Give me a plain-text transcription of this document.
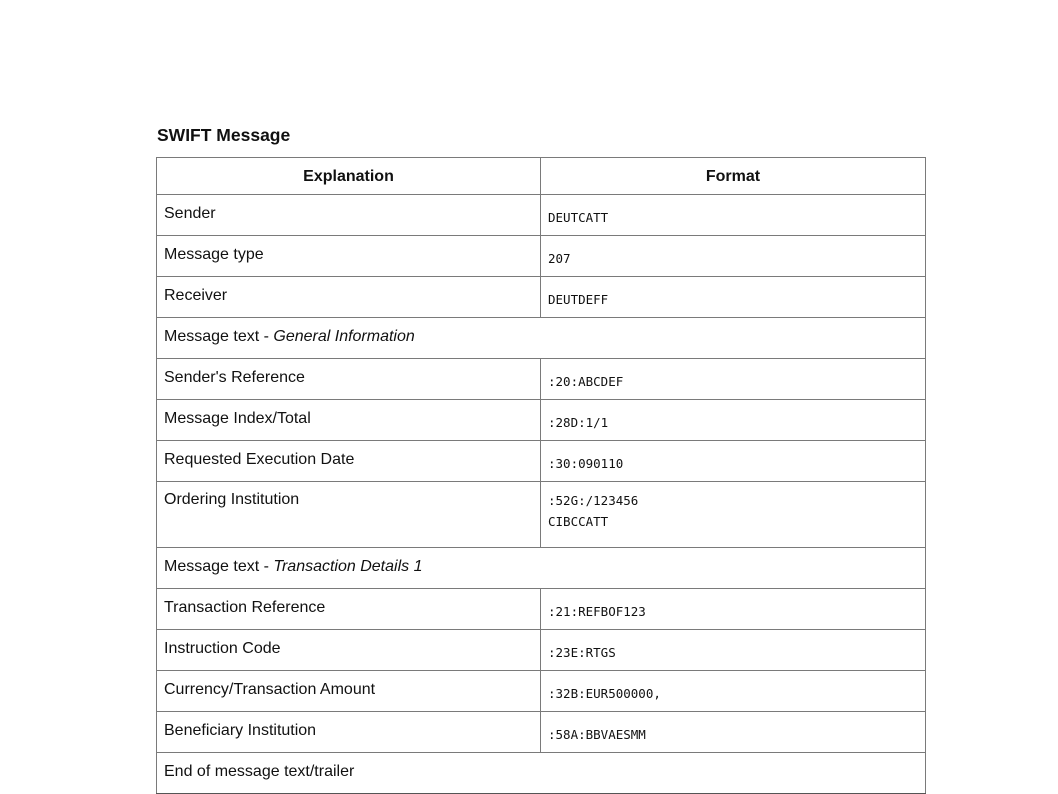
SWIFT Message
Explanation	Format
Sender	DEUTCATT
Message type	207
Receiver	DEUTDEFF
Message text - General Information	
Sender's Reference	:20:ABCDEF
Message Index/Total	:28D:1/1
Requested Execution Date	:30:090110
Ordering Institution	:52G:/123456
CIBCCATT

Message text - Transaction Details 1	
Transaction Reference	:21:REFBOF123
Instruction Code	:23E:RTGS
Currency/Transaction Amount	:32B:EUR500000,
Beneficiary Institution	:58A:BBVAESMM
End of message text/trailer	
